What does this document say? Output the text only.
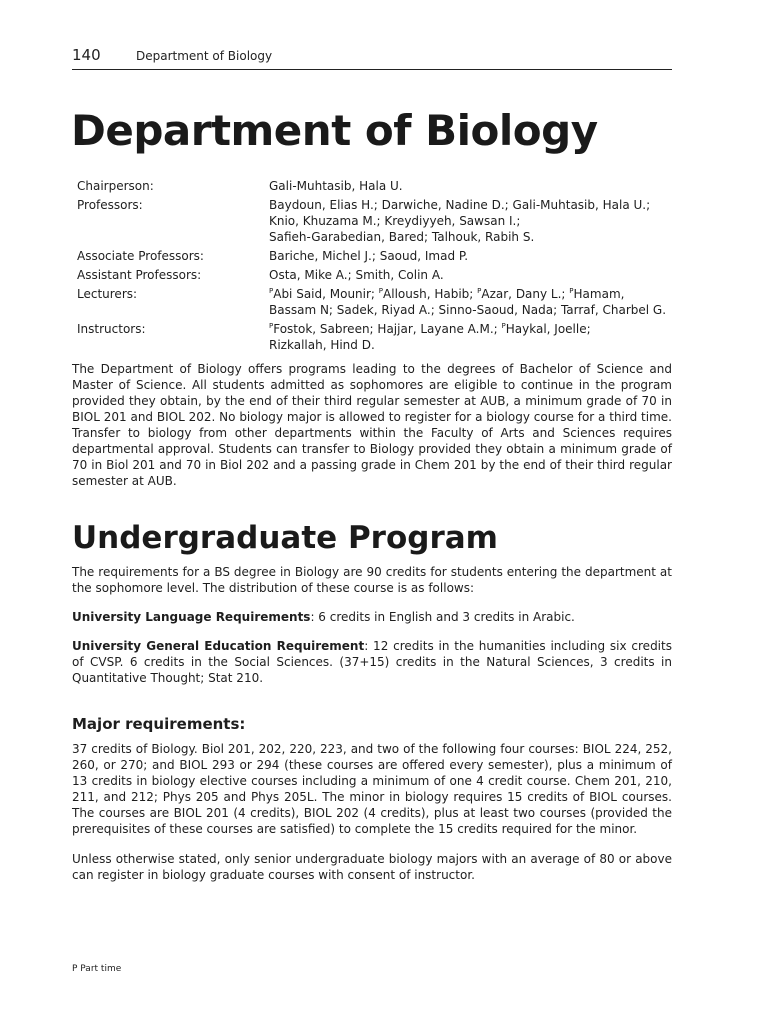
140	Department of Biology
Department of Biology
Chairperson:	Gali-Muhtasib, Hala U.
Professors:	Baydoun, Elias H.; Darwiche, Nadine D.; Gali-Muhtasib, Hala U.;
Knio, Khuzama M.; Kreydiyyeh, Sawsan I.;
Safieh-Garabedian, Bared; Talhouk, Rabih S.
Associate Professors:	Bariche, Michel J.; Saoud, Imad P.
Assistant Professors:	Osta, Mike A.; Smith, Colin A.
Lecturers:	$^P$Abi Said, Mounir; $^P$Alloush, Habib; $^P$Azar, Dany L.; $^P$Hamam,
Bassam N; Sadek, Riyad A.; Sinno-Saoud, Nada; Tarraf, Charbel G.
Instructors:	$^P$Fostok, Sabreen; Hajjar, Layane A.M.; $^P$Haykal, Joelle;
Rizkallah, Hind D.

The Department of Biology offers programs leading to the degrees of Bachelor of Science and Master of Science. All students admitted as sophomores are eligible to continue in the program provided they obtain, by the end of their third regular semester at AUB, a minimum grade of 70 in BIOL 201 and BIOL 202. No biology major is allowed to register for a biology course for a third time. Transfer to biology from other departments within the Faculty of Arts and Sciences requires departmental approval. Students can transfer to Biology provided they obtain a minimum grade of 70 in Biol 201 and 70 in Biol 202 and a passing grade in Chem 201 by the end of their third regular semester at AUB.

Undergraduate Program

The requirements for a BS degree in Biology are 90 credits for students entering the department at the sophomore level. The distribution of these course is as follows:

University Language Requirements: 6 credits in English and 3 credits in Arabic.

University General Education Requirement: 12 credits in the humanities including six credits of CVSP. 6 credits in the Social Sciences. (37+15) credits in the Natural Sciences, 3 credits in Quantitative Thought; Stat 210.

Major requirements:

37 credits of Biology. Biol 201, 202, 220, 223, and two of the following four courses: BIOL 224, 252, 260, or 270; and BIOL 293 or 294 (these courses are offered every semester), plus a minimum of 13 credits in biology elective courses including a minimum of one 4 credit course. Chem 201, 210, 211, and 212; Phys 205 and Phys 205L. The minor in biology requires 15 credits of BIOL courses. The courses are BIOL 201 (4 credits), BIOL 202 (4 credits), plus at least two courses (provided the prerequisites of these courses are satisfied) to complete the 15 credits required for the minor.

Unless otherwise stated, only senior undergraduate biology majors with an average of 80 or above can register in biology graduate courses with consent of instructor.

P Part time
